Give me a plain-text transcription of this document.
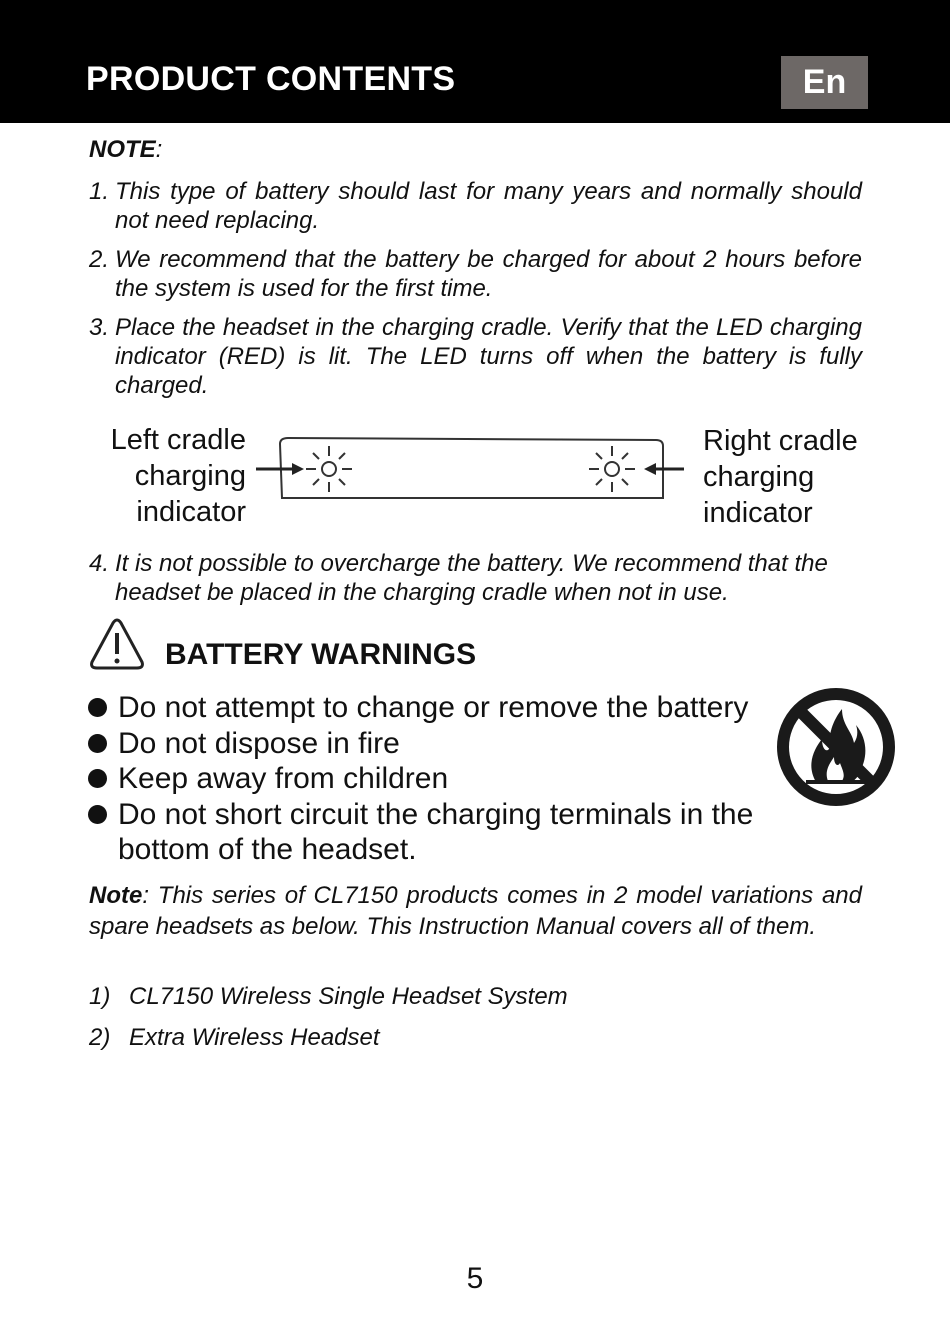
PRODUCT CONTENTS	En
NOTE:
1. This type of battery should last for many years and normally should not need replacing.
2. We recommend that the battery be charged for about 2 hours before the system is used for the first time.
3. Place the headset in the charging cradle. Verify that the LED charging indicator (RED) is lit. The LED turns off when the battery is fully charged.
Left cradle
charging
indicator
Right cradle
charging
indicator
4. It is not possible to overcharge the battery. We recommend that the headset be placed in the charging cradle when not in use.
BATTERY WARNINGS
Do not attempt to change or remove the battery
Do not dispose in fire
Keep away from children
Do not short circuit the charging terminals in the
bottom of the headset.
Note: This series of CL7150 products comes in 2 model variations and spare headsets as below. This Instruction Manual covers all of them.
1) CL7150 Wireless Single Headset System
2) Extra Wireless Headset
5
